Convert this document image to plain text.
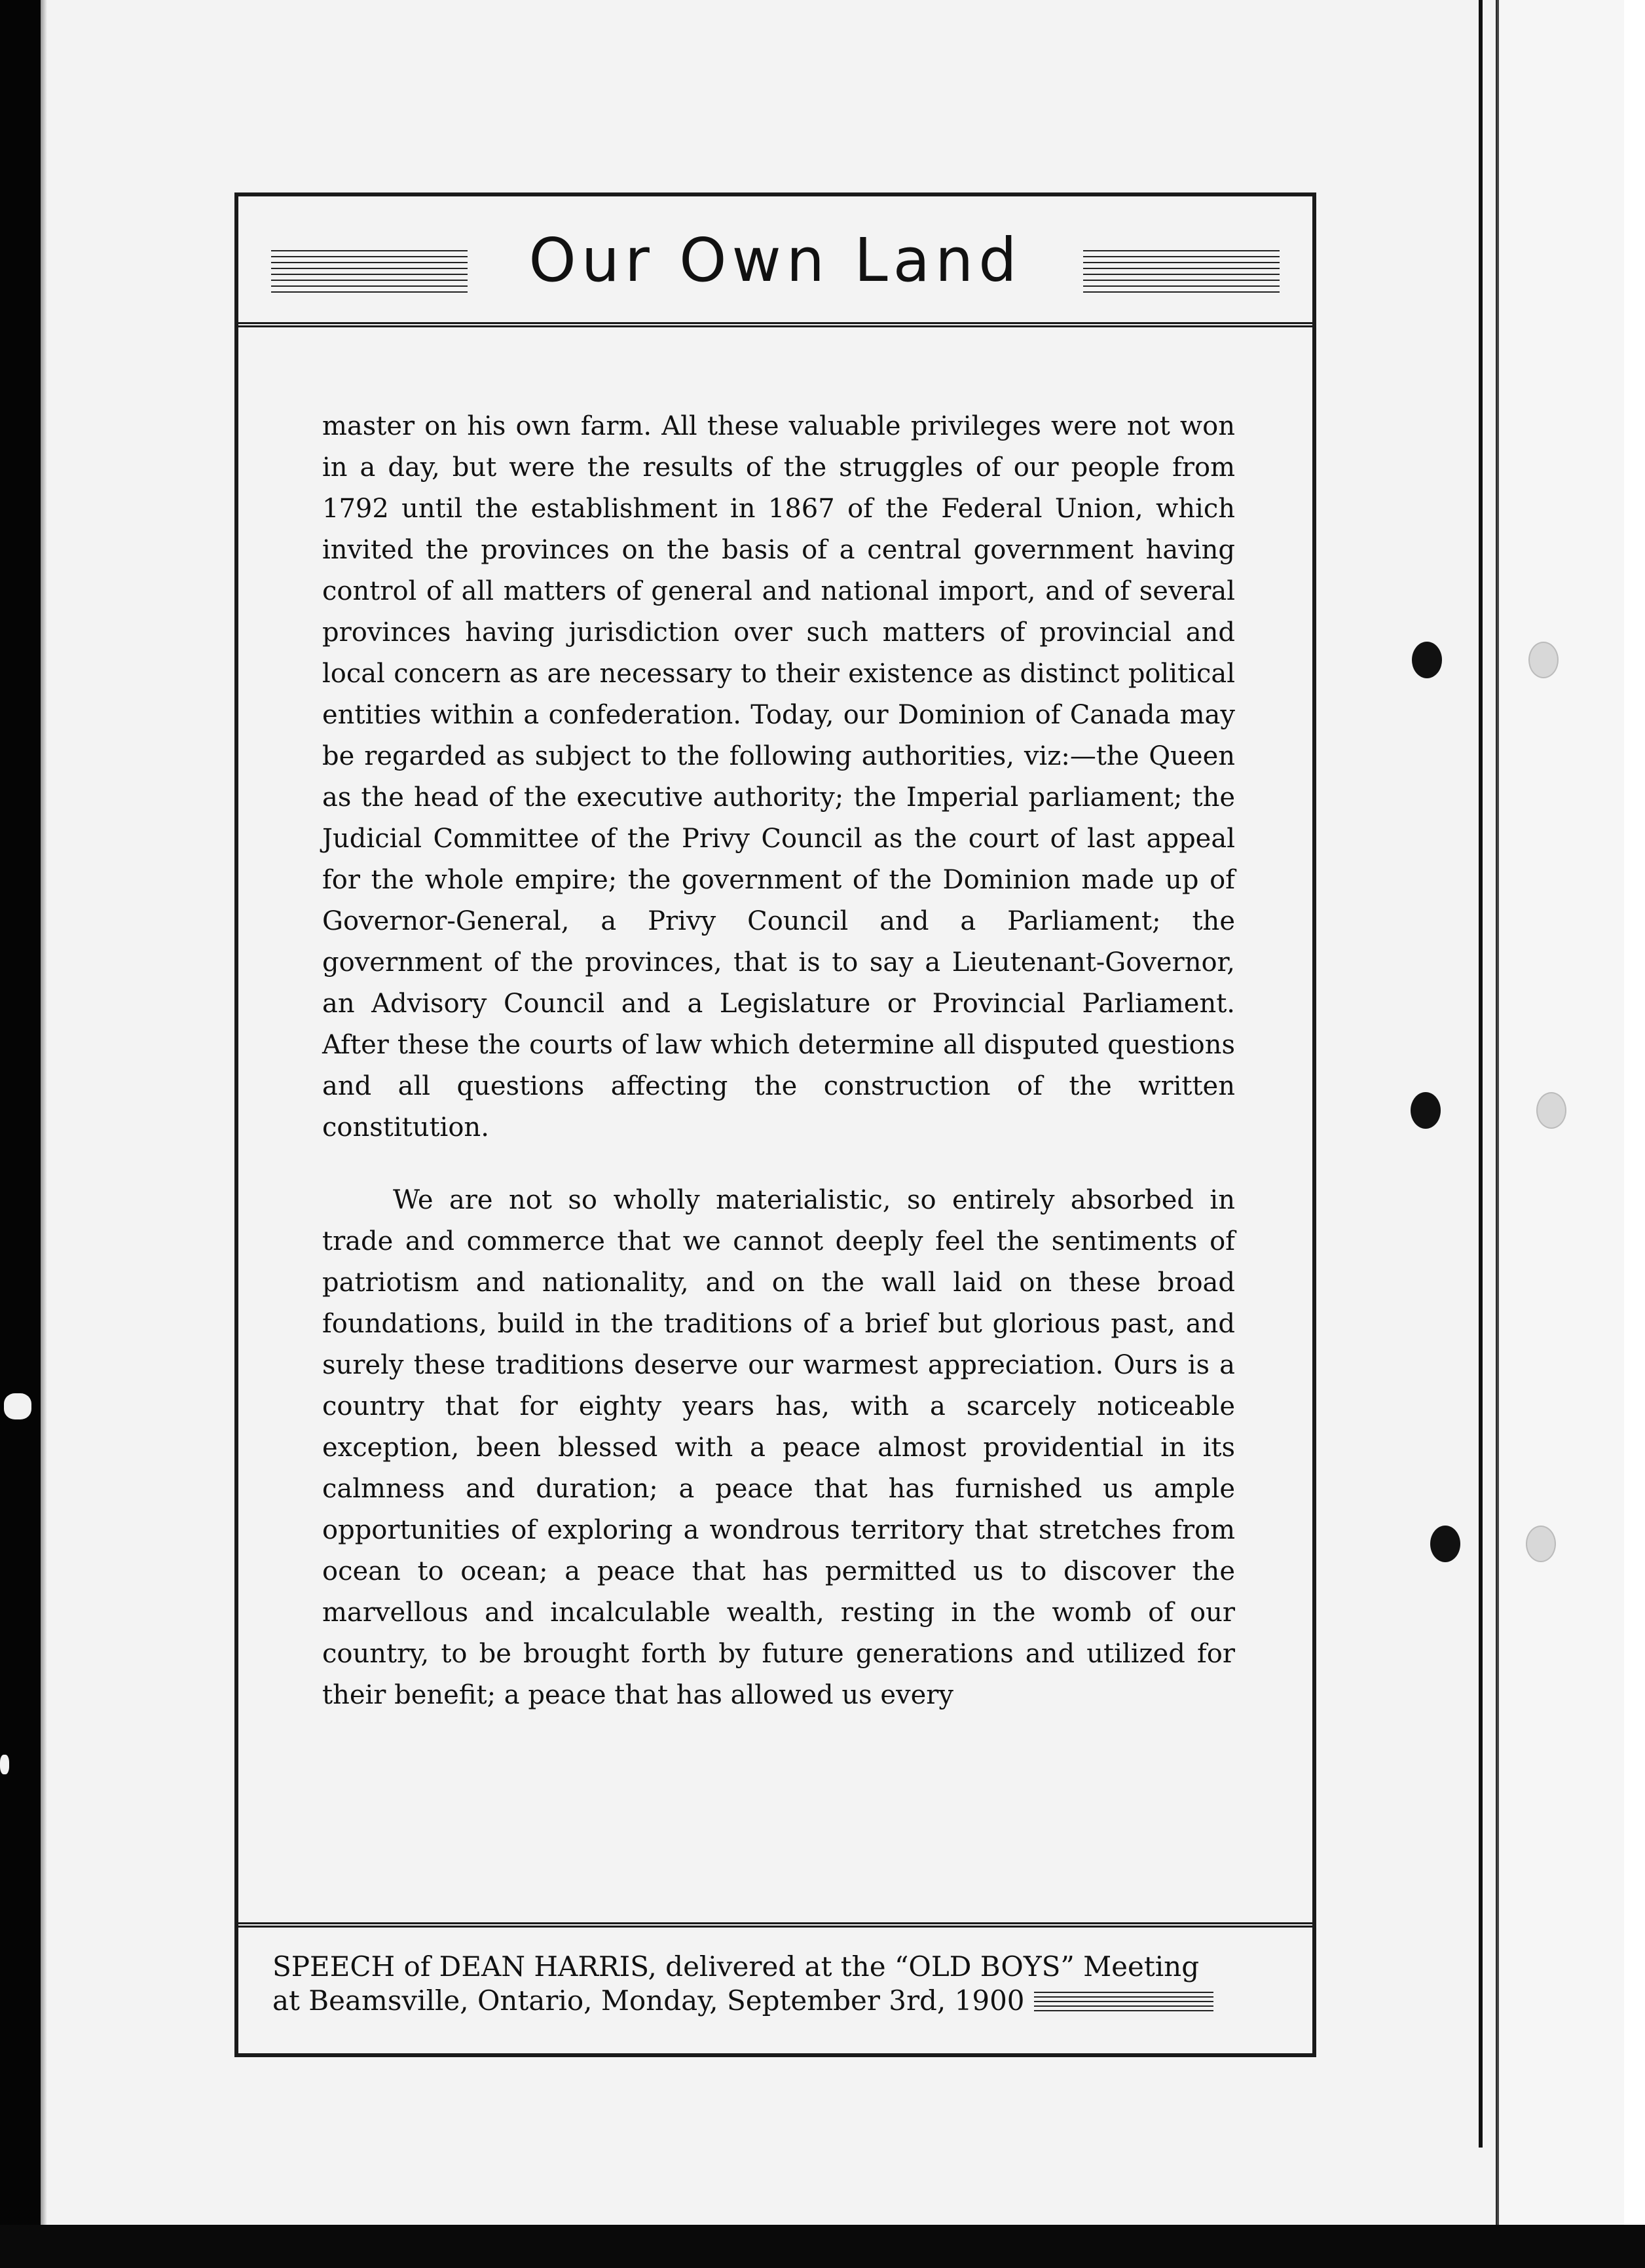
Our Own Land

master on his own farm. All these valuable privileges were not won in a day, but were the results of the struggles of our people from 1792 until the establishment in 1867 of the Federal Union, which invited the provinces on the basis of a central government having control of all matters of general and national import, and of several provinces having jurisdiction over such matters of provincial and local concern as are necessary to their existence as distinct political entities within a confederation. Today, our Dominion of Canada may be regarded as subject to the following authorities, viz:—the Queen as the head of the executive authority; the Imperial parliament; the Judicial Committee of the Privy Council as the court of last appeal for the whole empire; the government of the Dominion made up of Governor-General, a Privy Council and a Parliament; the government of the provinces, that is to say a Lieutenant-Governor, an Advisory Council and a Legislature or Provincial Parliament. After these the courts of law which determine all disputed questions and all questions affecting the construction of the written constitution.

We are not so wholly materialistic, so entirely absorbed in trade and commerce that we cannot deeply feel the sentiments of patriotism and nationality, and on the wall laid on these broad foundations, build in the traditions of a brief but glorious past, and surely these traditions deserve our warmest appreciation. Ours is a country that for eighty years has, with a scarcely noticeable exception, been blessed with a peace almost providential in its calmness and duration; a peace that has furnished us ample opportunities of exploring a wondrous territory that stretches from ocean to ocean; a peace that has permitted us to discover the marvellous and incalculable wealth, resting in the womb of our country, to be brought forth by future generations and utilized for their benefit; a peace that has allowed us every

SPEECH of DEAN HARRIS, delivered at the “OLD BOYS” Meeting
at Beamsville, Ontario, Monday, September 3rd, 1900
